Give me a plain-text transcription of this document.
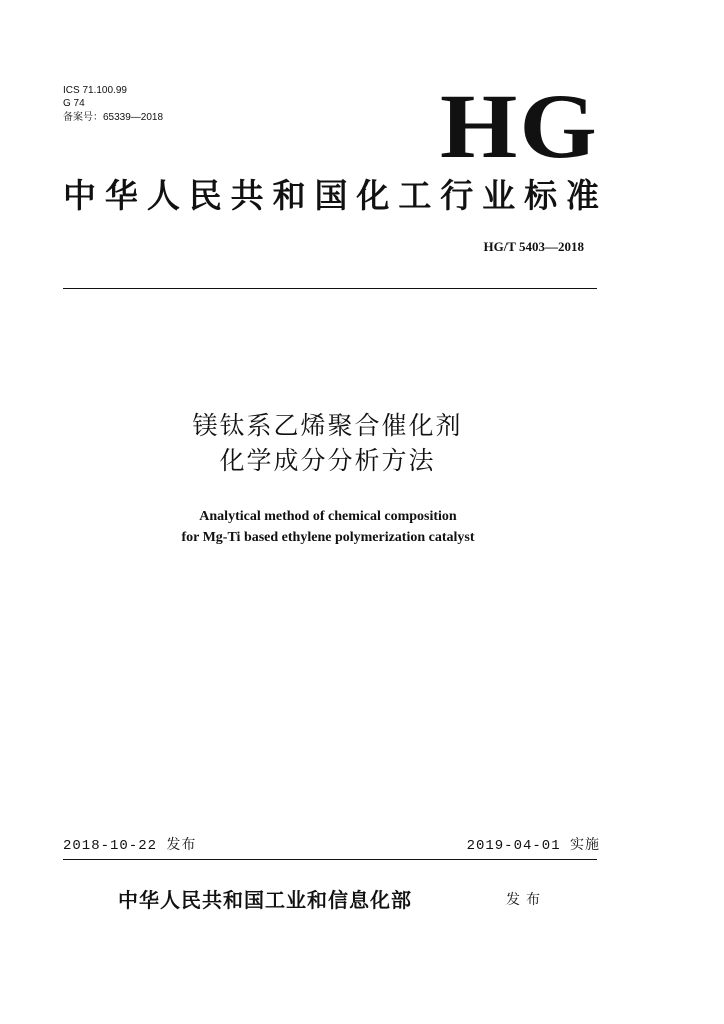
ICS 71.100.99
G 74
备案号：65339—2018	HG
中华人民共和国化工行业标准
HG/T 5403—2018
镁钛系乙烯聚合催化剂
化学成分分析方法
Analytical method of chemical composition
for Mg-Ti based ethylene polymerization catalyst
2018-10-22 发布	2019-04-01 实施
中华人民共和国工业和信息化部	发布
